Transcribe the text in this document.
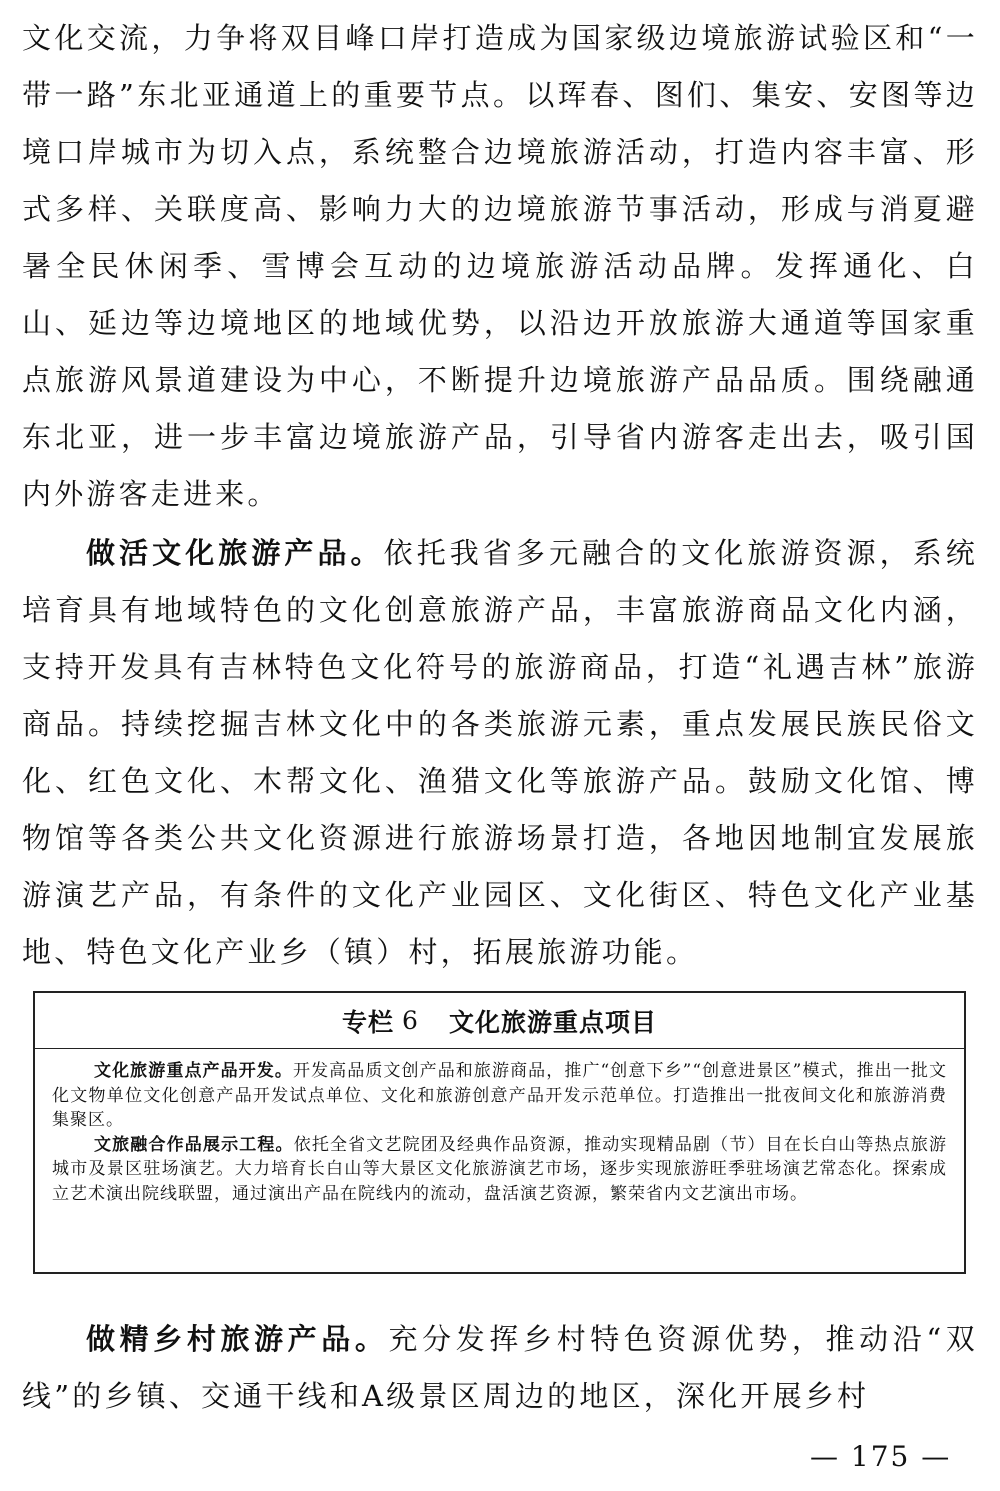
文化交流，力争将双目峰口岸打造成为国家级边境旅游试验区和“一带一路”东北亚通道上的重要节点。以珲春、图们、集安、安图等边境口岸城市为切入点，系统整合边境旅游活动，打造内容丰富、形式多样、关联度高、影响力大的边境旅游节事活动，形成与消夏避暑全民休闲季、雪博会互动的边境旅游活动品牌。发挥通化、白山、延边等边境地区的地域优势，以沿边开放旅游大通道等国家重点旅游风景道建设为中心，不断提升边境旅游产品品质。围绕融通东北亚，进一步丰富边境旅游产品，引导省内游客走出去，吸引国内外游客走进来。

做活文化旅游产品。依托我省多元融合的文化旅游资源，系统培育具有地域特色的文化创意旅游产品，丰富旅游商品文化内涵，支持开发具有吉林特色文化符号的旅游商品，打造“礼遇吉林”旅游商品。持续挖掘吉林文化中的各类旅游元素，重点发展民族民俗文化、红色文化、木帮文化、渔猎文化等旅游产品。鼓励文化馆、博物馆等各类公共文化资源进行旅游场景打造，各地因地制宜发展旅游演艺产品，有条件的文化产业园区、文化街区、特色文化产业基地、特色文化产业乡（镇）村，拓展旅游功能。

专栏 6 文化旅游重点项目

文化旅游重点产品开发。开发高品质文创产品和旅游商品，推广“创意下乡”“创意进景区”模式，推出一批文化文物单位文化创意产品开发试点单位、文化和旅游创意产品开发示范单位。打造推出一批夜间文化和旅游消费集聚区。

文旅融合作品展示工程。依托全省文艺院团及经典作品资源，推动实现精品剧（节）目在长白山等热点旅游城市及景区驻场演艺。大力培育长白山等大景区文化旅游演艺市场，逐步实现旅游旺季驻场演艺常态化。探索成立艺术演出院线联盟，通过演出产品在院线内的流动，盘活演艺资源，繁荣省内文艺演出市场。

做精乡村旅游产品。充分发挥乡村特色资源优势，推动沿“双线”的乡镇、交通干线和A级景区周边的地区，深化开展乡村

— 175 —
